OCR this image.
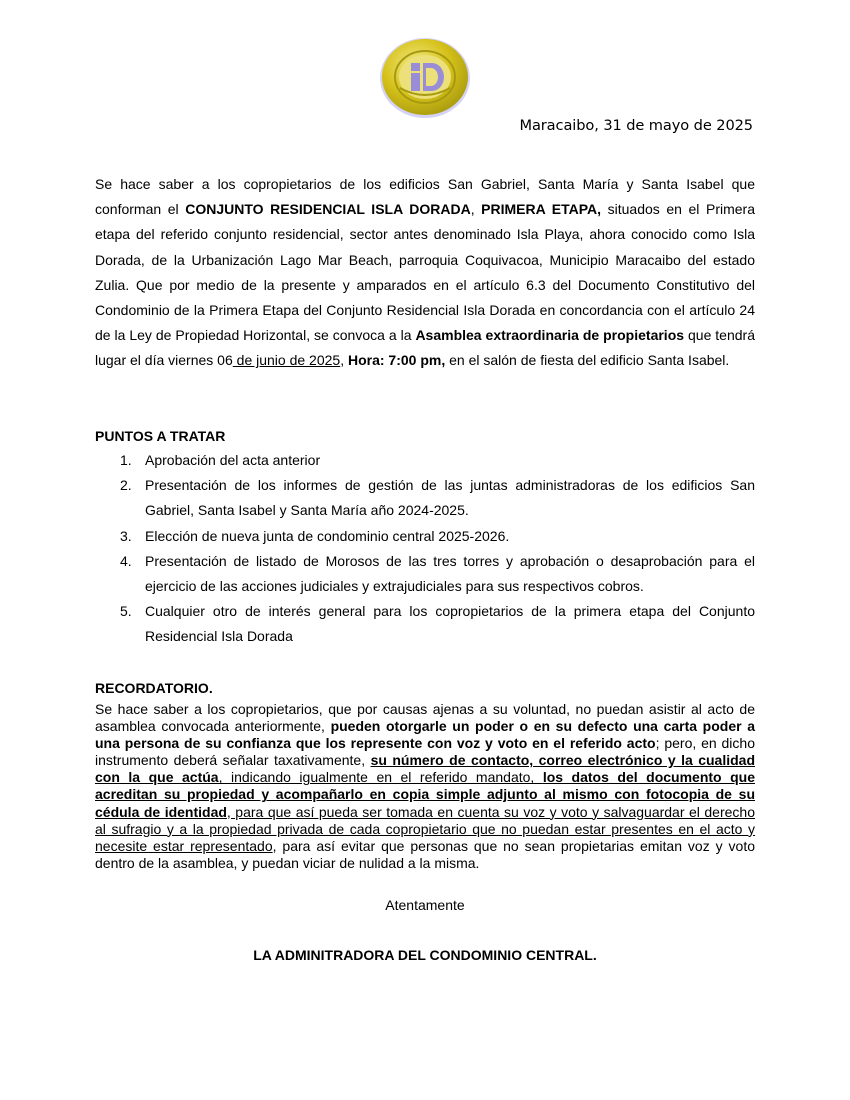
Maracaibo, 31 de mayo de 2025
Se hace saber a los copropietarios de los edificios San Gabriel, Santa María y Santa Isabel que conforman el CONJUNTO RESIDENCIAL ISLA DORADA, PRIMERA ETAPA, situados en el Primera etapa del referido conjunto residencial, sector antes denominado Isla Playa, ahora conocido como Isla Dorada, de la Urbanización Lago Mar Beach, parroquia Coquivacoa, Municipio Maracaibo del estado Zulia. Que por medio de la presente y amparados en el artículo 6.3 del Documento Constitutivo del Condominio de la Primera Etapa del Conjunto Residencial Isla Dorada en concordancia con el artículo 24 de la Ley de Propiedad Horizontal, se convoca a la Asamblea extraordinaria de propietarios que tendrá lugar el día viernes 06 de junio de 2025, Hora: 7:00 pm, en el salón de fiesta del edificio Santa Isabel.
PUNTOS A TRATAR
1. Aprobación del acta anterior
2. Presentación de los informes de gestión de las juntas administradoras de los edificios San Gabriel, Santa Isabel y Santa María año 2024-2025.
3. Elección de nueva junta de condominio central 2025-2026.
4. Presentación de listado de Morosos de las tres torres y aprobación o desaprobación para el ejercicio de las acciones judiciales y extrajudiciales para sus respectivos cobros.
5. Cualquier otro de interés general para los copropietarios de la primera etapa del Conjunto Residencial Isla Dorada
RECORDATORIO.
Se hace saber a los copropietarios, que por causas ajenas a su voluntad, no puedan asistir al acto de asamblea convocada anteriormente, pueden otorgarle un poder o en su defecto una carta poder a una persona de su confianza que los represente con voz y voto en el referido acto; pero, en dicho instrumento deberá señalar taxativamente, su número de contacto, correo electrónico y la cualidad con la que actúa, indicando igualmente en el referido mandato, los datos del documento que acreditan su propiedad y acompañarlo en copia simple adjunto al mismo con fotocopia de su cédula de identidad, para que así pueda ser tomada en cuenta su voz y voto y salvaguardar el derecho al sufragio y a la propiedad privada de cada copropietario que no puedan estar presentes en el acto y necesite estar representado, para así evitar que personas que no sean propietarias emitan voz y voto dentro de la asamblea, y puedan viciar de nulidad a la misma.
Atentamente
LA ADMINITRADORA DEL CONDOMINIO CENTRAL.
